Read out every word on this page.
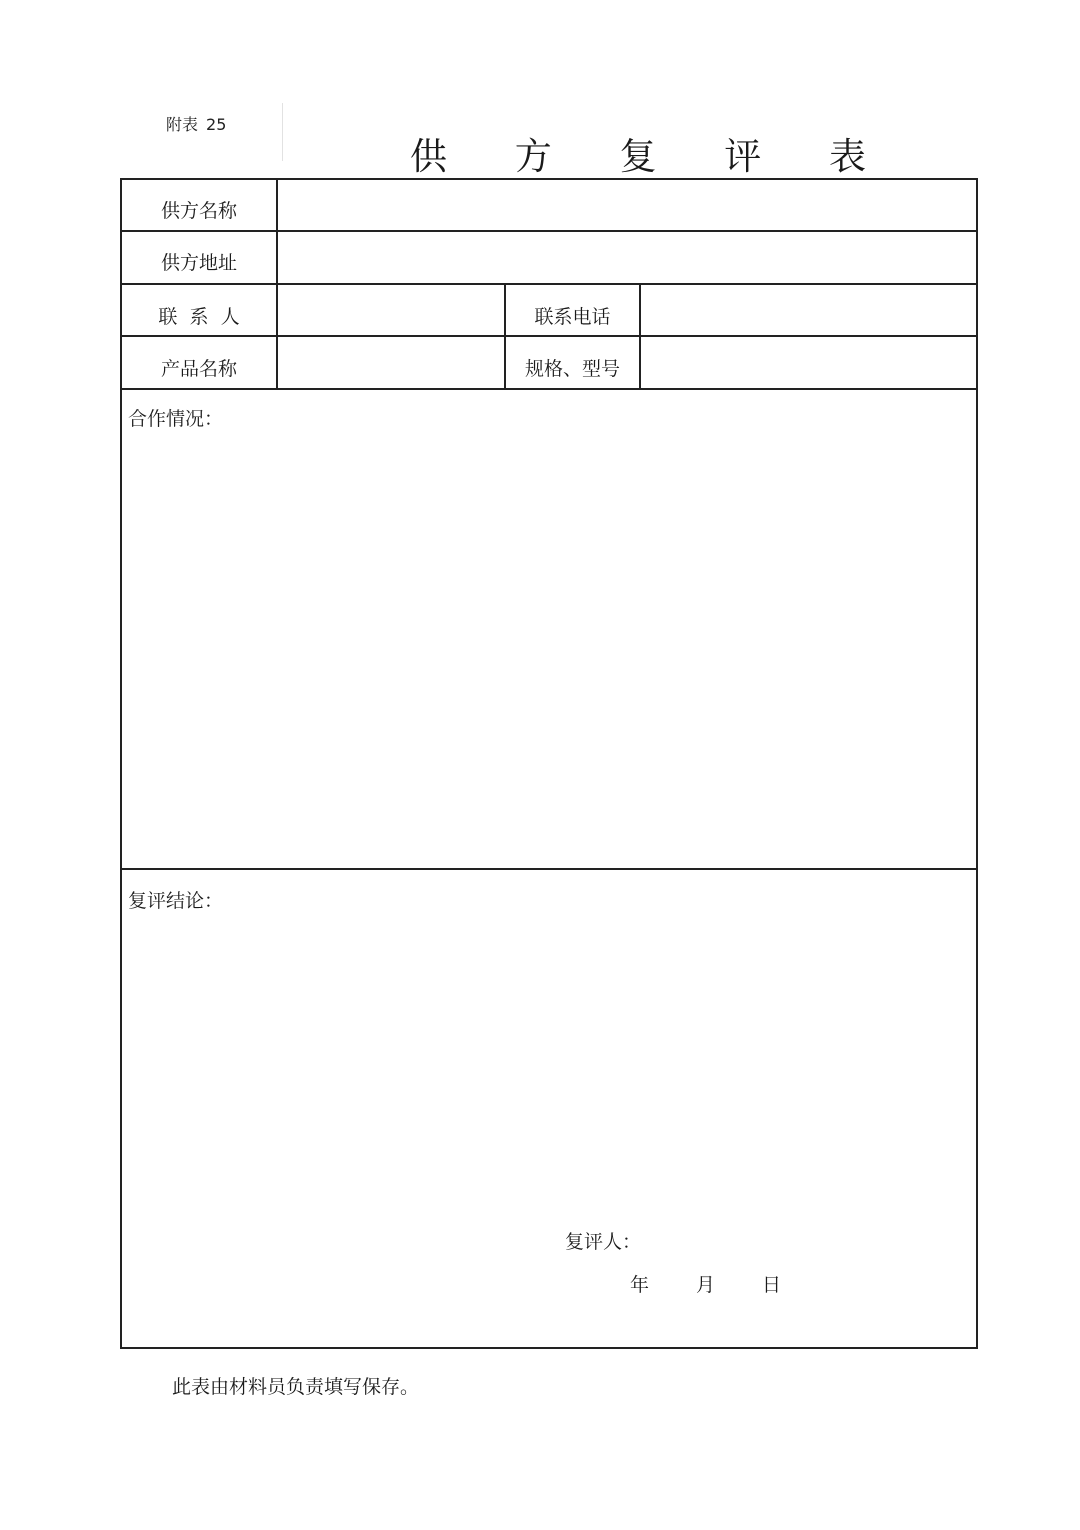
附表 25
供 方 复 评 表
供方名称
供方地址
联  系  人	联系电话
产品名称	规格、型号
合作情况：
复评结论：
复评人：
年 月 日
此表由材料员负责填写保存。
